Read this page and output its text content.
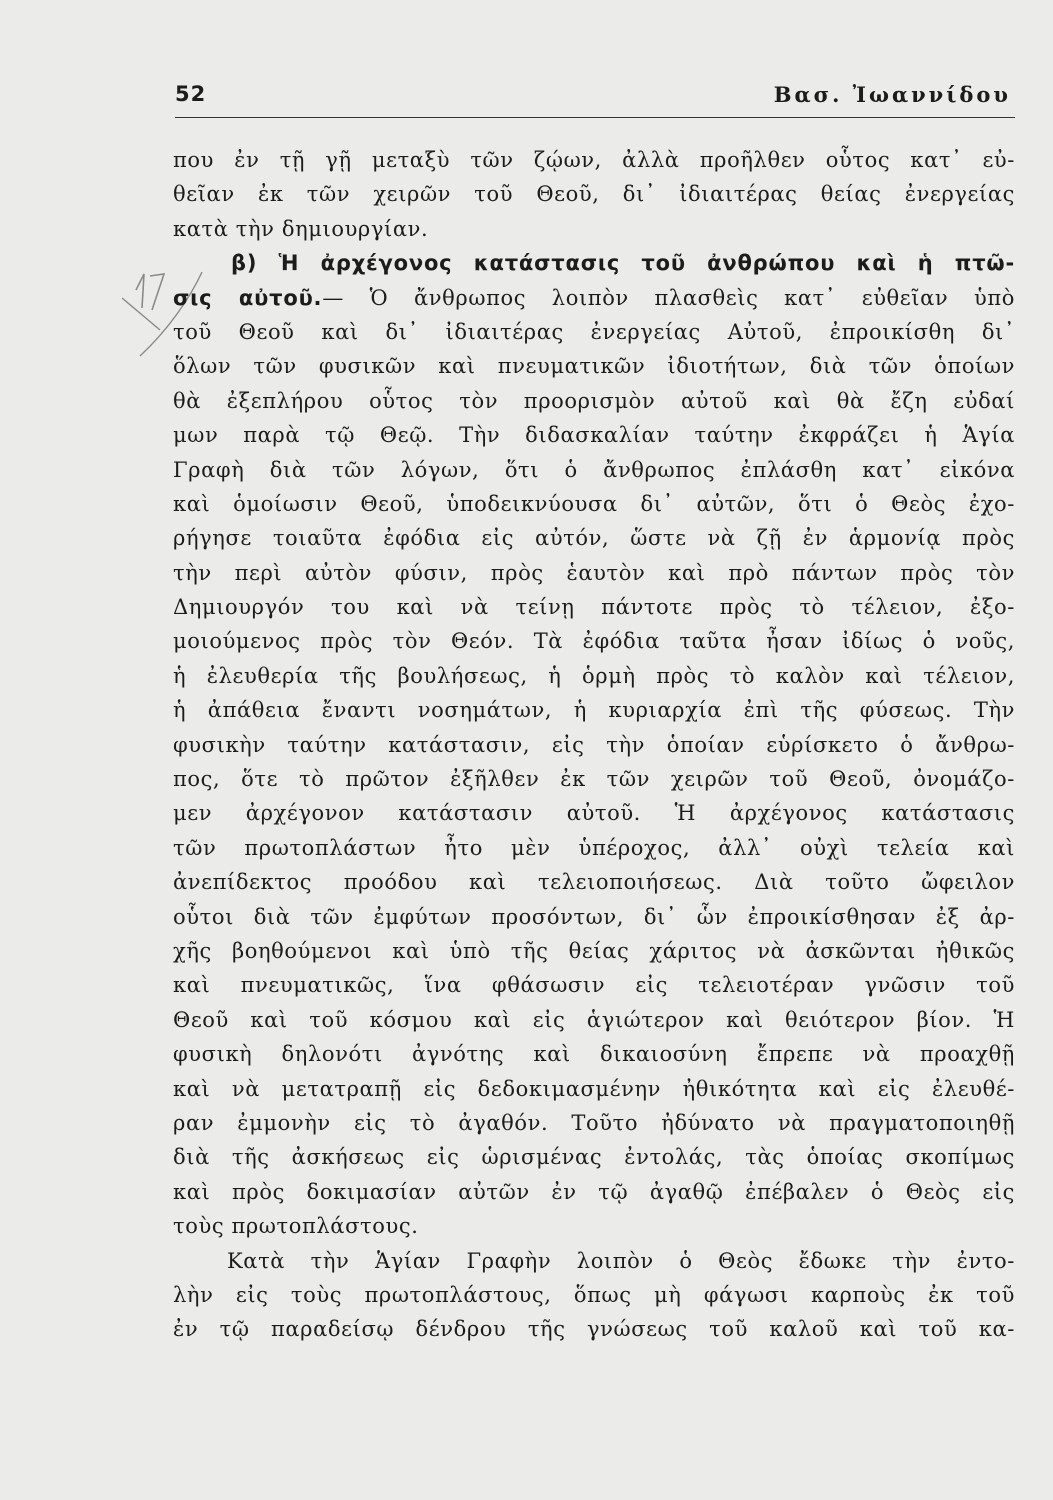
52	Βασ. Ἰωαννίδου
που ἐν τῇ γῇ μεταξὺ τῶν ζῴων, ἀλλὰ προῆλθεν οὗτος κατ᾽ εὐ-
θεῖαν ἐκ τῶν χειρῶν τοῦ Θεοῦ, δι᾽ ἰδιαιτέρας θείας ἐνεργείας
κατὰ τὴν δημιουργίαν.
β) Ἡ ἀρχέγονος κατάστασις τοῦ ἀνθρώπου καὶ ἡ πτῶ-
σις αὐτοῦ.— Ὁ ἄνθρωπος λοιπὸν πλασθεὶς κατ᾽ εὐθεῖαν ὑπὸ
τοῦ Θεοῦ καὶ δι᾽ ἰδιαιτέρας ἐνεργείας Αὐτοῦ, ἐπροικίσθη δι᾽
ὅλων τῶν φυσικῶν καὶ πνευματικῶν ἰδιοτήτων, διὰ τῶν ὁποίων
θὰ ἐξεπλήρου οὗτος τὸν προορισμὸν αὐτοῦ καὶ θὰ ἔζη εὐδαί
μων παρὰ τῷ Θεῷ. Τὴν διδασκαλίαν ταύτην ἐκφράζει ἡ Ἁγία
Γραφὴ διὰ τῶν λόγων, ὅτι ὁ ἄνθρωπος ἐπλάσθη κατ᾽ εἰκόνα
καὶ ὁμοίωσιν Θεοῦ, ὑποδεικνύουσα δι᾽ αὐτῶν, ὅτι ὁ Θεὸς ἐχο-
ρήγησε τοιαῦτα ἐφόδια εἰς αὐτόν, ὥστε νὰ ζῇ ἐν ἁρμονίᾳ πρὸς
τὴν περὶ αὐτὸν φύσιν, πρὸς ἑαυτὸν καὶ πρὸ πάντων πρὸς τὸν
Δημιουργόν του καὶ νὰ τείνῃ πάντοτε πρὸς τὸ τέλειον, ἐξο-
μοιούμενος πρὸς τὸν Θεόν. Τὰ ἐφόδια ταῦτα ἦσαν ἰδίως ὁ νοῦς,
ἡ ἐλευθερία τῆς βουλήσεως, ἡ ὁρμὴ πρὸς τὸ καλὸν καὶ τέλειον,
ἡ ἀπάθεια ἔναντι νοσημάτων, ἡ κυριαρχία ἐπὶ τῆς φύσεως. Τὴν
φυσικὴν ταύτην κατάστασιν, εἰς τὴν ὁποίαν εὑρίσκετο ὁ ἄνθρω-
πος, ὅτε τὸ πρῶτον ἐξῆλθεν ἐκ τῶν χειρῶν τοῦ Θεοῦ, ὀνομάζο-
μεν ἀρχέγονον κατάστασιν αὐτοῦ. Ἡ ἀρχέγονος κατάστασις
τῶν πρωτοπλάστων ἦτο μὲν ὑπέροχος, ἀλλ᾽ οὐχὶ τελεία καὶ
ἀνεπίδεκτος προόδου καὶ τελειοποιήσεως. Διὰ τοῦτο ὤφειλον
οὗτοι διὰ τῶν ἐμφύτων προσόντων, δι᾽ ὧν ἐπροικίσθησαν ἐξ ἀρ-
χῆς βοηθούμενοι καὶ ὑπὸ τῆς θείας χάριτος νὰ ἀσκῶνται ἠθικῶς
καὶ πνευματικῶς, ἵνα φθάσωσιν εἰς τελειοτέραν γνῶσιν τοῦ
Θεοῦ καὶ τοῦ κόσμου καὶ εἰς ἁγιώτερον καὶ θειότερον βίον. Ἡ
φυσικὴ δηλονότι ἀγνότης καὶ δικαιοσύνη ἔπρεπε νὰ προαχθῇ
καὶ νὰ μετατραπῇ εἰς δεδοκιμασμένην ἠθικότητα καὶ εἰς ἐλευθέ-
ραν ἐμμονὴν εἰς τὸ ἀγαθόν. Τοῦτο ἠδύνατο νὰ πραγματοποιηθῇ
διὰ τῆς ἀσκήσεως εἰς ὡρισμένας ἐντολάς, τὰς ὁποίας σκοπίμως
καὶ πρὸς δοκιμασίαν αὐτῶν ἐν τῷ ἀγαθῷ ἐπέβαλεν ὁ Θεὸς εἰς
τοὺς πρωτοπλάστους.
Κατὰ τὴν Ἁγίαν Γραφὴν λοιπὸν ὁ Θεὸς ἔδωκε τὴν ἐντο-
λὴν εἰς τοὺς πρωτοπλάστους, ὅπως μὴ φάγωσι καρποὺς ἐκ τοῦ
ἐν τῷ παραδείσῳ δένδρου τῆς γνώσεως τοῦ καλοῦ καὶ τοῦ κα-
